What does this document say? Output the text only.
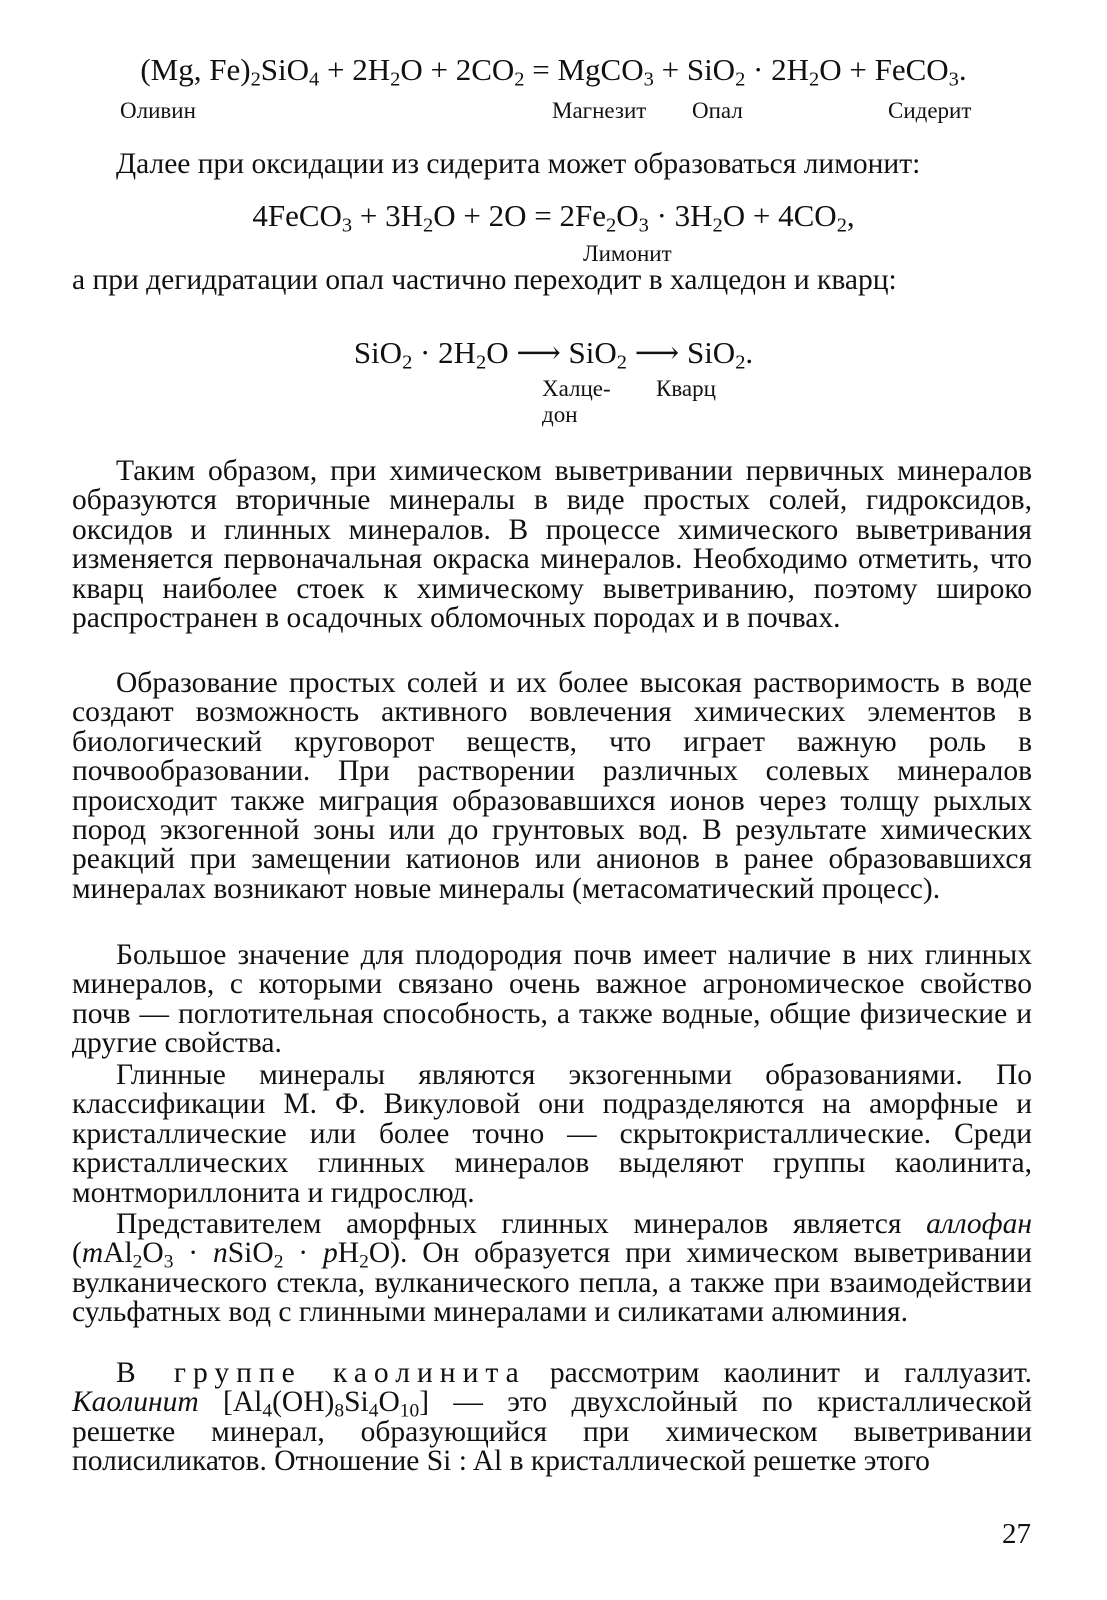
(Mg, $Fe)_2SiO_4 + 2H_2O + 2CO_2$ = MgCO$_3$ + $SiO_2 \cdot 2H_2O$ + FeCO$_3$.
Оливин	Магнезит Опал	Сидерит

Далее при оксидации из сидерита может образоваться лимонит:

4FeCO$_3$ + $3H_2O + 2O = 2Fe_2O_3 \cdot 3H_2O + 4CO_2$,
Лимонит

а при дегидратации опал частично переходит в халцедон и кварц:

$SiO_2 \cdot 2H_2O$ ⟶ SiO$_2$ ⟶ SiO$_2$.
Халце-
дон
Кварц

Таким образом, при химическом выветривании первичных минералов образуются вторичные минералы в виде простых солей, гидроксидов, оксидов и глинных минералов. В процессе химического выветривания изменяется первоначальная окраска минералов. Необходимо отметить, что кварц наиболее стоек к химическому выветриванию, поэтому широко распространен в осадочных обломочных породах и в почвах.

Образование простых солей и их более высокая растворимость в воде создают возможность активного вовлечения химических элементов в биологический круговорот веществ, что играет важную роль в почвообразовании. При растворении различных солевых минералов происходит также миграция образовавшихся ионов через толщу рыхлых пород экзогенной зоны или до грунтовых вод. В результате химических реакций при замещении катионов или анионов в ранее образовавшихся минералах возникают новые минералы (метасоматический процесс).

Большое значение для плодородия почв имеет наличие в них глинных минералов, с которыми связано очень важное агрономическое свойство почв — поглотительная способность, а также водные, общие физические и другие свойства.

Глинные минералы являются экзогенными образованиями. По классификации М. Ф. Викуловой они подразделяются на аморфные и кристаллические или более точно — скрытокристаллические. Среди кристаллических глинных минералов выделяют группы каолинита, монтмориллонита и гидрослюд.

Представителем аморфных глинных минералов является аллофан ($mAl_2O_3$ · nSiO$_2$ · $pH_2O$). Он образуется при химическом выветривании вулканического стекла, вулканического пепла, а также при взаимодействии сульфатных вод с глинными минералами и силикатами алюминия.

В группе каолинита рассмотрим каолинит и галлуазит. Каолинит $[Al_4(OH)_8Si_4O_{10}]$ — это двухслойный по кристаллической решетке минерал, образующийся при химическом выветривании полисиликатов. Отношение Si : Al в кристаллической решетке этого

27
